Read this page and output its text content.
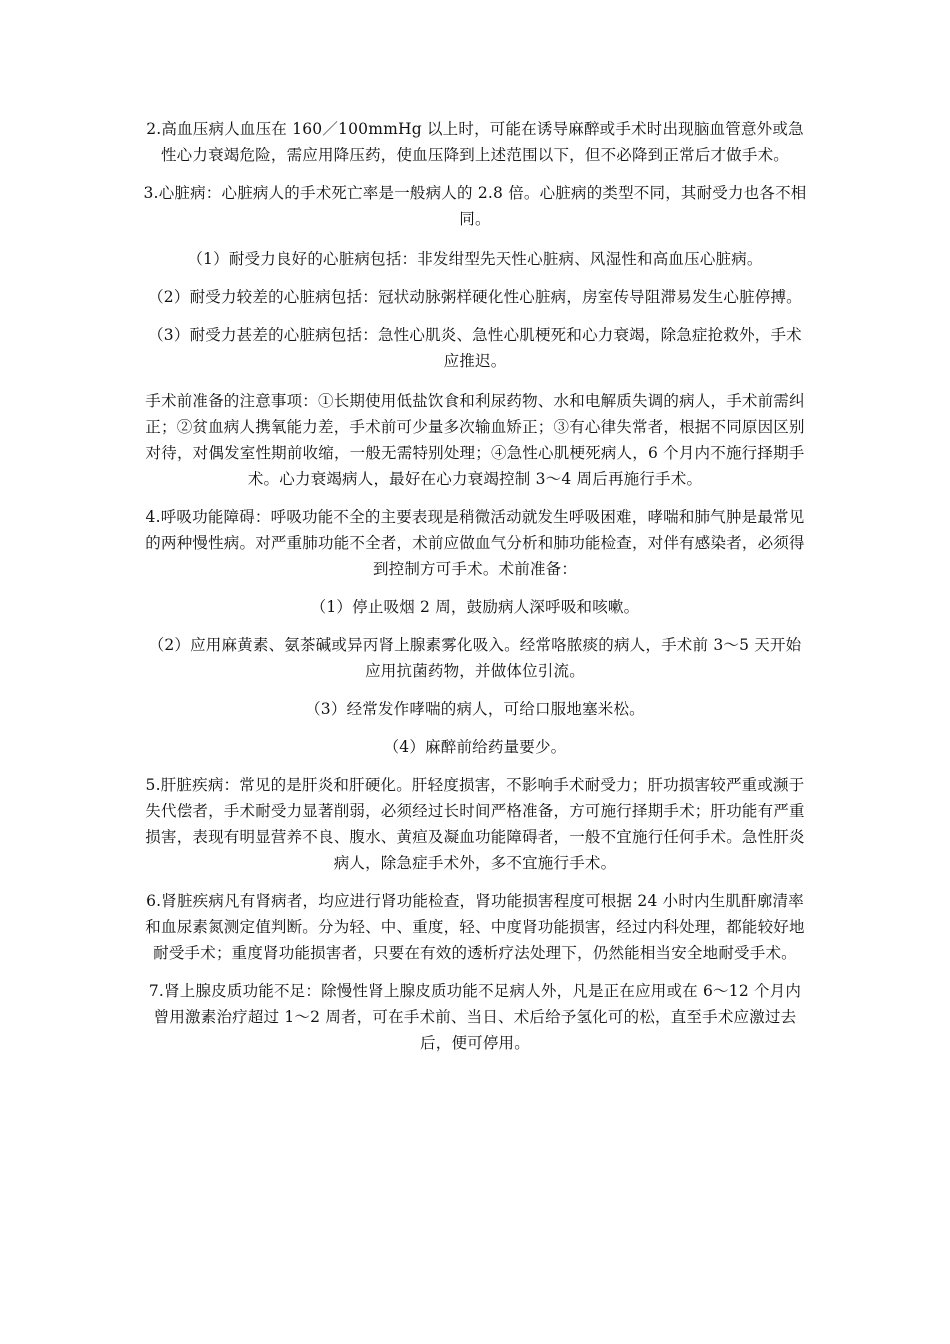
2.高血压病人血压在 160／100mmHg 以上时，可能在诱导麻醉或手术时出现脑血管意外或急性心力衰竭危险，需应用降压药，使血压降到上述范围以下，但不必降到正常后才做手术。

3.心脏病：心脏病人的手术死亡率是一般病人的 2.8 倍。心脏病的类型不同，其耐受力也各不相同。

（1）耐受力良好的心脏病包括：非发绀型先天性心脏病、风湿性和高血压心脏病。

（2）耐受力较差的心脏病包括：冠状动脉粥样硬化性心脏病，房室传导阻滞易发生心脏停搏。

（3）耐受力甚差的心脏病包括：急性心肌炎、急性心肌梗死和心力衰竭，除急症抢救外，手术应推迟。

手术前准备的注意事项：①长期使用低盐饮食和利尿药物、水和电解质失调的病人，手术前需纠正；②贫血病人携氧能力差，手术前可少量多次输血矫正；③有心律失常者，根据不同原因区别对待，对偶发室性期前收缩，一般无需特别处理；④急性心肌梗死病人，6 个月内不施行择期手术。心力衰竭病人，最好在心力衰竭控制 3～4 周后再施行手术。

4.呼吸功能障碍：呼吸功能不全的主要表现是稍微活动就发生呼吸困难，哮喘和肺气肿是最常见的两种慢性病。对严重肺功能不全者，术前应做血气分析和肺功能检查，对伴有感染者，必须得到控制方可手术。术前准备：

（1）停止吸烟 2 周，鼓励病人深呼吸和咳嗽。

（2）应用麻黄素、氨茶碱或异丙肾上腺素雾化吸入。经常咯脓痰的病人，手术前 3～5 天开始应用抗菌药物，并做体位引流。

（3）经常发作哮喘的病人，可给口服地塞米松。

（4）麻醉前给药量要少。

5.肝脏疾病：常见的是肝炎和肝硬化。肝轻度损害，不影响手术耐受力；肝功损害较严重或濒于失代偿者，手术耐受力显著削弱，必须经过长时间严格准备，方可施行择期手术；肝功能有严重损害，表现有明显营养不良、腹水、黄疸及凝血功能障碍者，一般不宜施行任何手术。急性肝炎病人，除急症手术外，多不宜施行手术。

6.肾脏疾病凡有肾病者，均应进行肾功能检查，肾功能损害程度可根据 24 小时内生肌酐廓清率和血尿素氮测定值判断。分为轻、中、重度，轻、中度肾功能损害，经过内科处理，都能较好地耐受手术；重度肾功能损害者，只要在有效的透析疗法处理下，仍然能相当安全地耐受手术。

7.肾上腺皮质功能不足：除慢性肾上腺皮质功能不足病人外，凡是正在应用或在 6～12 个月内曾用激素治疗超过 1～2 周者，可在手术前、当日、术后给予氢化可的松，直至手术应激过去后，便可停用。
